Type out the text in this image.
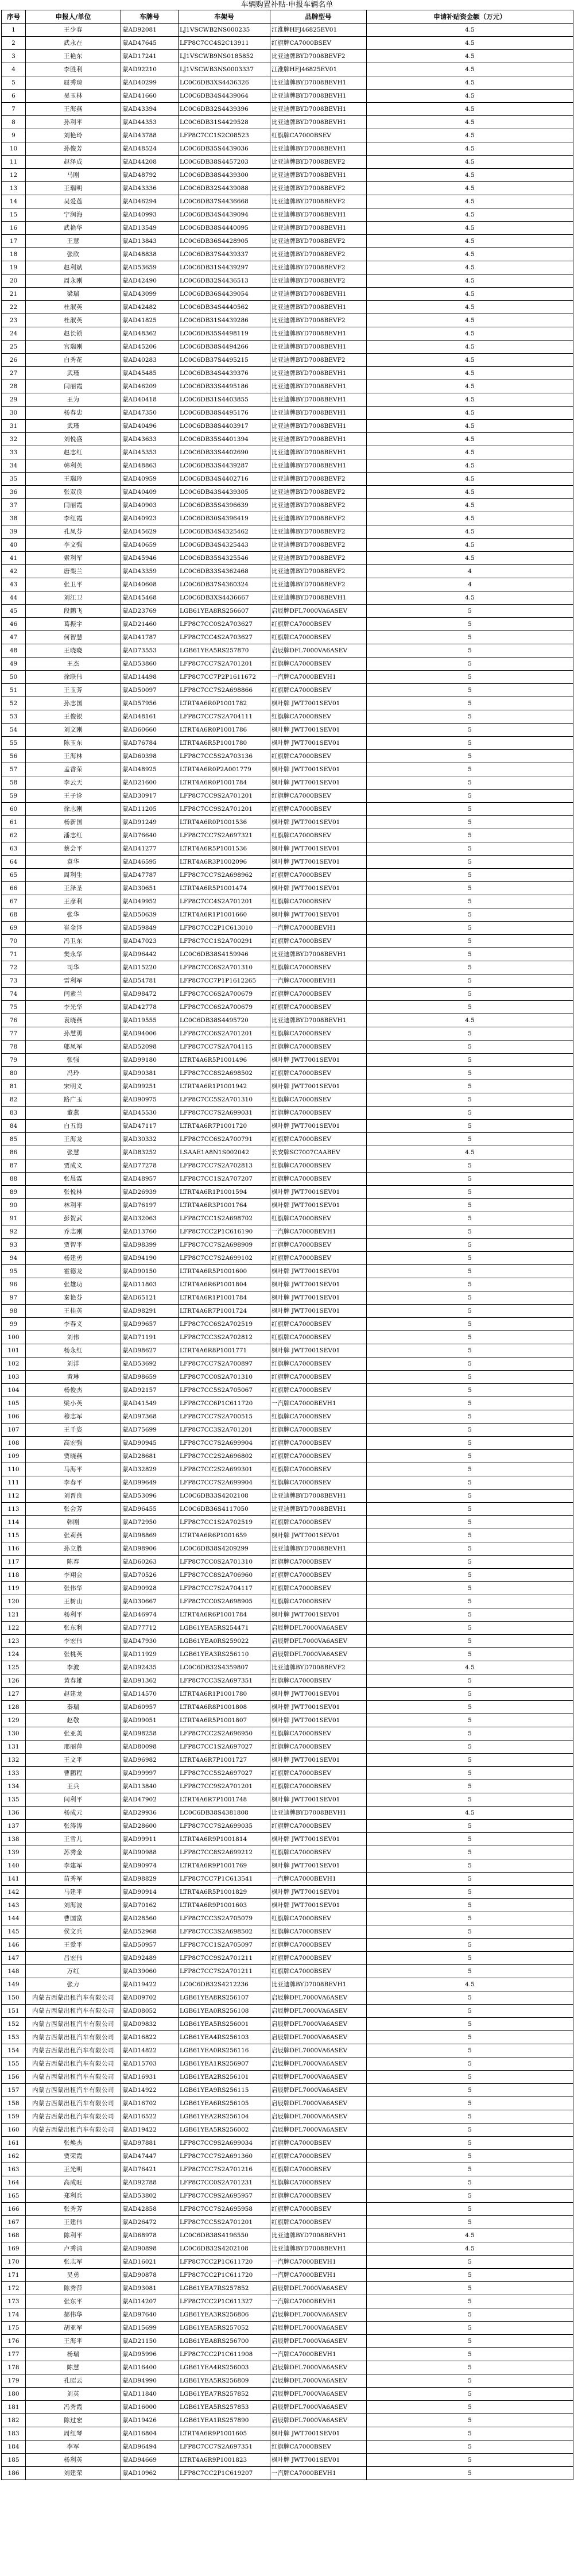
车辆购置补贴-申报车辆名单
序号	申报人/单位	车牌号	车架号	品牌型号	申请补贴资金额（万元）
1	王少春	蒙AD92081	LJ1VSCWB2NS000235	江淮牌HFJ46825EV01	4.5
2	武永在	蒙AD47645	LFP8C7CC4S2C13911	红旗牌CA7000BSEV	4.5
3	王艳东	蒙AD17241	LJ1VSCWB9NS0185852	比亚迪牌BYD7008BEVF2	4.5
4	李胜利	蒙AD92210	LJ1VSCWB3NS0003337	江淮牌HFJ46825EV01	4.5
5	屈秀琼	蒙AD40299	LC0C6DB3XS4436326	比亚迪牌BYD7008BEVH1	4.5
6	吴玉林	蒙AD41660	LC0C6DB34S4439064	比亚迪牌BYD7008BEVH1	4.5
7	王海燕	蒙AD43394	LC0C6DB32S4439396	比亚迪牌BYD7008BEVH1	4.5
8	孙利平	蒙AD44353	LC0C6DB31S4429528	比亚迪牌BYD7008BEVH1	4.5
9	刘艳玲	蒙AD43788	LFP8C7CC1S2C08523	红旗牌CA7000BSEV	4.5
10	孙俊芳	蒙AD48524	LC0C6DB35S4439036	比亚迪牌BYD7008BEVH1	4.5
11	赵泽成	蒙AD44208	LC0C6DB38S4457203	比亚迪牌BYD7008BEVF2	4.5
12	马刚	蒙AD48792	LC0C6DB38S4439300	比亚迪牌BYD7008BEVH1	4.5
13	王瑞明	蒙AD43336	LC0C6DB32S4439088	比亚迪牌BYD7008BEVF2	4.5
14	吴爱莲	蒙AD46294	LC0C6DB37S4436668	比亚迪牌BYD7008BEVF2	4.5
15	宁润海	蒙AD40993	LC0C6DB34S4439094	比亚迪牌BYD7008BEVH1	4.5
16	武艳华	蒙AD13549	LC0C6DB38S4440095	比亚迪牌BYD7008BEVH1	4.5
17	王慧	蒙AD13843	LC0C6DB36S4428905	比亚迪牌BYD7008BEVF2	4.5
18	张欣	蒙AD48838	LC0C6DB37S4439337	比亚迪牌BYD7008BEVF2	4.5
19	赵利斌	蒙AD53659	LC0C6DB31S4439297	比亚迪牌BYD7008BEVF2	4.5
20	周永刚	蒙AD42490	LC0C6DB32S4436513	比亚迪牌BYD7008BEVF2	4.5
21	梁瑞	蒙AD43099	LC0C6DB36S4439054	比亚迪牌BYD7008BEVH1	4.5
22	杜淑英	蒙AD42482	LC0C6DB34S4440562	比亚迪牌BYD7008BEVH1	4.5
23	杜淑英	蒙AD41825	LC0C6DB31S4439286	比亚迪牌BYD7008BEVF2	4.5
24	赵长锁	蒙AD48362	LC0C6DB35S4498119	比亚迪牌BYD7008BEVH1	4.5
25	宫瑞刚	蒙AD45206	LC0C6DB38S4494266	比亚迪牌BYD7008BEVH1	4.5
26	白秀花	蒙AD40283	LC0C6DB37S4495215	比亚迪牌BYD7008BEVF2	4.5
27	武瑾	蒙AD45485	LC0C6DB34S4439376	比亚迪牌BYD7008BEVH1	4.5
28	闫丽霞	蒙AD46209	LC0C6DB33S4495186	比亚迪牌BYD7008BEVH1	4.5
29	王为	蒙AD40418	LC0C6DB31S4403855	比亚迪牌BYD7008BEVH1	4.5
30	杨春忠	蒙AD47350	LC0C6DB38S4495176	比亚迪牌BYD7008BEVH1	4.5
31	武瑾	蒙AD40496	LC0C6DB38S4403917	比亚迪牌BYD7008BEVH1	4.5
32	刘悦盛	蒙AD43633	LC0C6DB35S4401394	比亚迪牌BYD7008BEVH1	4.5
33	赵志红	蒙AD45353	LC0C6DB33S4402690	比亚迪牌BYD7008BEVH1	4.5
34	韩利英	蒙AD48863	LC0C6DB33S4439287	比亚迪牌BYD7008BEVH1	4.5
35	王瑞玲	蒙AD40959	LC0C6DB34S4402716	比亚迪牌BYD7008BEVF2	4.5
36	张双良	蒙AD40409	LC0C6DB43S4439305	比亚迪牌BYD7008BEVF2	4.5
37	闫丽霞	蒙AD40903	LC0C6DB35S4396639	比亚迪牌BYD7008BEVF2	4.5
38	李红霞	蒙AD40923	LC0C6DB30S4396419	比亚迪牌BYD7008BEVF2	4.5
39	孔凤芬	蒙AD45629	LC0C6DB34S4325462	比亚迪牌BYD7008BEVF2	4.5
40	李文强	蒙AD40659	LC0C6DB34S4325443	比亚迪牌BYD7008BEVF2	4.5
41	索利军	蒙AD45946	LC0C6DB35S4325546	比亚迪牌BYD7008BEVF2	4.5
42	唐梨兰	蒙AD43359	LC0C6DB33S4362468	比亚迪牌BYD7008BEVF2	4
43	张卫平	蒙AD40608	LC0C6DB37S4360324	比亚迪牌BYD7008BEVF2	4
44	刘江卫	蒙AD45468	LC0C6DB3XS4436667	比亚迪牌BYD7008BEVH1	4.5
45	段鹏飞	蒙AD23769	LGB61YEA8RS256607	启辰牌DFL7000VA6ASEV	5
46	葛振宇	蒙AD21460	LFP8C7CC0S2A703627	红旗牌CA7000BSEV	5
47	何智慧	蒙AD41787	LFP8C7CC4S2A703627	红旗牌CA7000BSEV	5
48	王晓晓	蒙AD73553	LGB61YEA5RS257870	启辰牌DFL7000VA6ASEV	5
49	王杰	蒙AD53860	LFP8C7CC7S2A701201	红旗牌CA7000BSEV	5
50	徐联伟	蒙AD14498	LFP8C7CC7P2P1611672	一汽牌CA7000BEVH1	5
51	王玉芳	蒙AD50097	LFP8C7CC7S2A698866	红旗牌CA7000BSEV	5
52	孙志国	蒙AD57956	LTRT4A6R0P1001782	枫叶牌 JWT7001SEV01	5
53	王俊银	蒙AD48161	LFP8C7CC7S2A704111	红旗牌CA7000BSEV	5
54	刘文刚	蒙AD60660	LTRT4A6R0P1001786	枫叶牌 JWT7001SEV01	5
55	陈玉东	蒙AD76784	LTRT4A6R5P1001780	枫叶牌 JWT7001SEV01	5
56	王海林	蒙AD60398	LFP8C7CC5S2A703136	红旗牌CA7000BSEV	5
57	孟香荣	蒙AD48925	LTRT4A6R0P2A001779	枫叶牌 JWT7001SEV01	5
58	李云天	蒙AD21600	LTRT4A6R0P1001784	枫叶牌 JWT7001SEV01	5
59	王子诊	蒙AD30917	LFP8C7CC9S2A701201	红旗牌CA7000BSEV	5
60	徐志刚	蒙AD11205	LFP8C7CC9S2A701201	红旗牌CA7000BSEV	5
61	杨新国	蒙AD91249	LTRT4A6R0P1001536	枫叶牌 JWT7001SEV01	5
62	潘志红	蒙AD76640	LFP8C7CC7S2A697321	红旗牌CA7000BSEV	5
63	蔡会平	蒙AD41277	LTRT4A6R5P1001536	枫叶牌 JWT7001SEV01	5
64	袁华	蒙AD46595	LTRT4A6R3P1002096	枫叶牌 JWT7001SEV01	5
65	周利生	蒙AD47787	LFP8C7CC7S2A698962	红旗牌CA7000BSEV	5
66	王泽圣	蒙AD30651	LTRT4A6R5P1001474	枫叶牌 JWT7001SEV01	5
67	王彦利	蒙AD49952	LFP8C7CC4S2A701201	红旗牌CA7000BSEV	5
68	张华	蒙AD50639	LTRT4A6R1P1001660	枫叶牌 JWT7001SEV01	5
69	崔金泽	蒙AD59849	LFP8C7CC2P1C613010	一汽牌CA7000BEVH1	5
70	冯卫东	蒙AD47023	LFP8C7CC1S2A700291	红旗牌CA7000BSEV	5
71	樊永华	蒙AD96442	LC0C6DB38S4159946	比亚迪牌BYD7008BEVH1	5
72	司华	蒙AD15220	LFP8C7CC6S2A701310	红旗牌CA7000BSEV	5
73	雷利军	蒙AD54781	LFP8C7CC7P1P1612265	一汽牌CA7000BEVH1	5
74	闫素兰	蒙AD98472	LFP8C7CC6S2A700679	红旗牌CA7000BSEV	5
75	李光华	蒙AD42778	LFP8C7CC6S2A700679	红旗牌CA7000BSEV	5
76	袁晓燕	蒙AD19555	LC0C6DB38S4495720	比亚迪牌BYD7008BEVH1	4.5
77	孙慧勇	蒙AD94006	LFP8C7CC6S2A701201	红旗牌CA7000BSEV	5
78	邬凤军	蒙AD52098	LFP8C7CC7S2A704115	红旗牌CA7000BSEV	5
79	张强	蒙AD99180	LTRT4A6R5P1001496	枫叶牌 JWT7001SEV01	5
80	冯玲	蒙AD90381	LFP8C7CC8S2A698502	红旗牌CA7000BSEV	5
81	宋明义	蒙AD99251	LTRT4A6R1P1001942	枫叶牌 JWT7001SEV01	5
82	路广玉	蒙AD90975	LFP8C7CC5S2A701310	红旗牌CA7000BSEV	5
83	董燕	蒙AD45530	LFP8C7CC7S2A699031	红旗牌CA7000BSEV	5
84	白五海	蒙AD47117	LTRT4A6R7P1001720	枫叶牌 JWT7001SEV01	5
85	王海龙	蒙AD30332	LFP8C7CC6S2A700791	红旗牌CA7000BSEV	5
86	张慧	蒙AD83252	LSAAE1A8N1S002042	长安牌SC7007CAABEV	4.5
87	贾成义	蒙AD77278	LFP8C7CC7S2A702813	红旗牌CA7000BSEV	5
88	张晨霖	蒙AD48957	LFP8C7CC1S2A707207	红旗牌CA7000BSEV	5
89	张悦林	蒙AD26939	LTRT4A6R1P1001594	枫叶牌 JWT7001SEV01	5
90	林利平	蒙AD76197	LTRT4A6R3P1001764	枫叶牌 JWT7001SEV01	5
91	彭贺武	蒙AD32063	LFP8C7CC1S2A698702	红旗牌CA7000BSEV	5
92	乔志刚	蒙AD13760	LFP8C7CC2P1C616190	一汽牌CA7000BEVH1	5
93	贾智平	蒙AD98399	LFP8C7CC7S2A698909	红旗牌CA7000BSEV	5
94	杨建勇	蒙AD94190	LFP8C7CC7S2A699102	红旗牌CA7000BSEV	5
95	霍德龙	蒙AD90150	LTRT4A6R5P1001600	枫叶牌 JWT7001SEV01	5
96	张雄功	蒙AD11803	LTRT4A6R6P1001804	枫叶牌 JWT7001SEV01	5
97	秦艳芬	蒙AD65121	LTRT4A6R1P1001784	枫叶牌 JWT7001SEV01	5
98	王桂英	蒙AD98291	LTRT4A6R7P1001724	枫叶牌 JWT7001SEV01	5
99	李春义	蒙AD99657	LFP8C7CC6S2A702519	红旗牌CA7000BSEV	5
100	刘伟	蒙AD71191	LFP8C7CC3S2A702812	红旗牌CA7000BSEV	5
101	杨永红	蒙AD98627	LTRT4A6R8P1001771	枫叶牌 JWT7001SEV01	5
102	刘洋	蒙AD53692	LFP8C7CC7S2A700897	红旗牌CA7000BSEV	5
103	黄琳	蒙AD98659	LFP8C7CC0S2A701310	红旗牌CA7000BSEV	5
104	杨俊杰	蒙AD92157	LFP8C7CC5S2A705067	红旗牌CA7000BSEV	5
105	梁小英	蒙AD41549	LFP8C7CC6P1C611720	一汽牌CA7000BEVH1	5
106	穆志军	蒙AD97368	LFP8C7CC7S2A700515	红旗牌CA7000BSEV	5
107	王千姿	蒙AD75699	LFP8C7CC3S2A701201	红旗牌CA7000BSEV	5
108	高宏强	蒙AD90945	LFP8C7CC7S2A699904	红旗牌CA7000BSEV	5
109	贾晓燕	蒙AD28681	LFP8C7CC2S2A696802	红旗牌CA7000BSEV	5
110	马海平	蒙AD32829	LFP8C7CC2S2A699301	红旗牌CA7000BSEV	5
111	李春平	蒙AD99649	LFP8C7CC7S2A699904	红旗牌CA7000BSEV	5
112	刘晋良	蒙AD53096	LC0C6DB33S4202108	比亚迪牌BYD7008BEVH1	5
113	张会芳	蒙AD96455	LC0C6DB36S4117050	比亚迪牌BYD7008BEVH1	5
114	韩刚	蒙AD72950	LFP8C7CC1S2A702519	红旗牌CA7000BSEV	5
115	张莉燕	蒙AD98869	LTRT4A6R6P1001659	枫叶牌 JWT7001SEV01	5
116	孙立胜	蒙AD98906	LC0C6DB38S4209299	比亚迪牌BYD7008BEVH1	5
117	陈春	蒙AD60263	LFP8C7CC0S2A701310	红旗牌CA7000BSEV	5
118	李翔会	蒙AD70526	LFP8C7CC8S2A706960	红旗牌CA7000BSEV	5
119	张伟华	蒙AD90928	LFP8C7CC7S2A704117	红旗牌CA7000BSEV	5
120	王树山	蒙AD30667	LFP8C7CC0S2A698905	红旗牌CA7000BSEV	5
121	杨利平	蒙AD46974	LTRT4A6R6P1001784	枫叶牌 JWT7001SEV01	5
122	张东利	蒙AD77712	LGB61YEA5RS254471	启辰牌DFL7000VA6ASEV	5
123	李宏伟	蒙AD47930	LGB61YEA0RS259022	启辰牌DFL7000VA6ASEV	5
124	张桃英	蒙AD11929	LGB61YEA3RS256110	启辰牌DFL7000VA6ASEV	5
125	李波	蒙AD92435	LC0C6DB32S4359807	比亚迪牌BYD7008BEVF2	4.5
126	黄春雄	蒙AD91362	LFP8C7CC3S2A697351	红旗牌CA7000BSEV	5
127	赵建龙	蒙AD14570	LTRT4A6R1P1001780	枫叶牌 JWT7001SEV01	5
128	秦瑞	蒙AD60957	LTRT4A6R8P1001808	枫叶牌 JWT7001SEV01	5
129	赵敬	蒙AD99051	LTRT4A6R5P1001807	枫叶牌 JWT7001SEV01	5
130	张亚美	蒙AD98258	LFP8C7CC2S2A696950	红旗牌CA7000BSEV	5
131	邢丽萍	蒙AD80098	LFP8C7CC1S2A697027	红旗牌CA7000BSEV	5
132	王文平	蒙AD96982	LTRT4A6R7P1001727	枫叶牌 JWT7001SEV01	5
133	曹鹏程	蒙AD99997	LFP8C7CC5S2A697027	红旗牌CA7000BSEV	5
134	王兵	蒙AD13840	LFP8C7CC9S2A701201	红旗牌CA7000BSEV	5
135	闫利平	蒙AD47902	LTRT4A6R7P1001748	枫叶牌 JWT7001SEV01	5
136	杨成元	蒙AD29936	LC0C6DB38S4381808	比亚迪牌BYD7008BEVH1	4.5
137	张涛涛	蒙AD28600	LFP8C7CC7S2A699035	红旗牌CA7000BSEV	5
138	王雪儿	蒙AD99911	LTRT4A6R9P1001814	枫叶牌 JWT7001SEV01	5
139	苏秀金	蒙AD90988	LFP8C7CC8S2A699212	红旗牌CA7000BSEV	5
140	李建军	蒙AD90974	LTRT4A6R9P1001769	枫叶牌 JWT7001SEV01	5
141	苗秀军	蒙AD98829	LFP8C7CC7P1C613541	一汽牌CA7000BEVH1	5
142	马建平	蒙AD90914	LTRT4A6R5P1001829	枫叶牌 JWT7001SEV01	5
143	刘海波	蒙AD70162	LTRT4A6R9P1001603	枫叶牌 JWT7001SEV01	5
144	曹国富	蒙AD28560	LFP8C7CC3S2A705079	红旗牌CA7000BSEV	5
145	侯文兵	蒙AD52968	LFP8C7CC3S2A698502	红旗牌CA7000BSEV	5
146	王爱平	蒙AD50957	LFP8C7CC1S2A705097	红旗牌CA7000BSEV	5
147	吕宏伟	蒙AD92489	LFP8C7CC9S2A701211	红旗牌CA7000BSEV	5
148	万红	蒙AD39060	LFP8C7CC7S2A701211	红旗牌CA7000BSEV	5
149	张力	蒙AD19422	LC0C6DB32S4212236	比亚迪牌BYD7008BEVH1	4.5
150	内蒙古西蒙出租汽车有限公司	蒙AD09702	LGB61YEA8RS256107	启辰牌DFL7000VA6ASEV	5
151	内蒙古西蒙出租汽车有限公司	蒙AD08052	LGB61YEA0RS256108	启辰牌DFL7000VA6ASEV	5
152	内蒙古西蒙出租汽车有限公司	蒙AD09832	LGB61YEA5RS256001	启辰牌DFL7000VA6ASEV	5
153	内蒙古西蒙出租汽车有限公司	蒙AD16822	LGB61YEA4RS256103	启辰牌DFL7000VA6ASEV	5
154	内蒙古西蒙出租汽车有限公司	蒙AD14822	LGB61YEA0RS256116	启辰牌DFL7000VA6ASEV	5
155	内蒙古西蒙出租汽车有限公司	蒙AD15703	LGB61YEA1RS256907	启辰牌DFL7000VA6ASEV	5
156	内蒙古西蒙出租汽车有限公司	蒙AD16931	LGB61YEA2RS256101	启辰牌DFL7000VA6ASEV	5
157	内蒙古西蒙出租汽车有限公司	蒙AD14922	LGB61YEA9RS256115	启辰牌DFL7000VA6ASEV	5
158	内蒙古西蒙出租汽车有限公司	蒙AD16702	LGB61YEA6RS256105	启辰牌DFL7000VA6ASEV	5
159	内蒙古西蒙出租汽车有限公司	蒙AD16522	LGB61YEA2RS256104	启辰牌DFL7000VA6ASEV	5
160	内蒙古西蒙出租汽车有限公司	蒙AD19422	LGB61YEA5RS256002	启辰牌DFL7000VA6ASEV	5
161	张焕杰	蒙AD97881	LFP8C7CC9S2A699034	红旗牌CA7000BSEV	5
162	贾荣霞	蒙AD47447	LFP8C7CC7S2A691360	红旗牌CA7000BSEV	5
163	王光明	蒙AD76421	LFP8C7CC7S2A701216	红旗牌CA7000BSEV	5
164	高成旺	蒙AD92788	LFP8C7CC0S2A701231	红旗牌CA7000BSEV	5
165	郑利兵	蒙AD53802	LFP8C7CC9S2A695957	红旗牌CA7000BSEV	5
166	张秀芳	蒙AD42858	LFP8C7CC7S2A695958	红旗牌CA7000BSEV	5
167	王建伟	蒙AD26472	LFP8C7CC5S2A701201	红旗牌CA7000BSEV	5
168	陈利平	蒙AD68978	LC0C6DB38S4196550	比亚迪牌BYD7008BEVH1	4.5
169	卢秀清	蒙AD90898	LC0C6DB32S4202108	比亚迪牌BYD7008BEVH1	4.5
170	张志军	蒙AD16021	LFP8C7CC2P1C611720	一汽牌CA7000BEVH1	5
171	吴勇	蒙AD90878	LFP8C7CC2P1C611720	一汽牌CA7000BEVH1	5
172	陈秀萍	蒙AD93081	LGB61YEA7RS257852	启辰牌DFL7000VA6ASEV	5
173	张东平	蒙AD14207	LFP8C7CC2P1C611327	一汽牌CA7000BEVH1	5
174	郝伟华	蒙AD97640	LGB61YEA3RS256806	启辰牌DFL7000VA6ASEV	5
175	胡亚军	蒙AD15699	LGB61YEA5RS257052	启辰牌DFL7000VA6ASEV	5
176	王海平	蒙AD21150	LGB61YEA8RS256700	启辰牌DFL7000VA6ASEV	5
177	杨瑞	蒙AD95996	LFP8C7CC2P1C611908	一汽牌CA7000BEVH1	5
178	陈慧	蒙AD16400	LGB61YEA4RS256003	启辰牌DFL7000VA6ASEV	5
179	孔昭云	蒙AD94990	LGB61YEA5RS256809	启辰牌DFL7000VA6ASEV	5
180	刘英	蒙AD11840	LGB61YEA7RS257852	启辰牌DFL7000VA6ASEV	5
181	冯秀霞	蒙AD16000	LGB61YEA5RS257853	启辰牌DFL7000VA6ASEV	5
182	陈过宏	蒙AD19426	LGB61YEA1RS257890	启辰牌DFL7000VA6ASEV	5
183	周红琴	蒙AD16804	LTRT4A6R9P1001605	枫叶牌 JWT7001SEV01	5
184	李军	蒙AD96494	LFP8C7CC7S2A697351	红旗牌CA7000BSEV	5
185	杨利英	蒙AD94669	LTRT4A6R9P1001823	枫叶牌 JWT7001SEV01	5
186	刘建荣	蒙AD10962	LFP8C7CC2P1C619207	一汽牌CA7000BEVH1	5
